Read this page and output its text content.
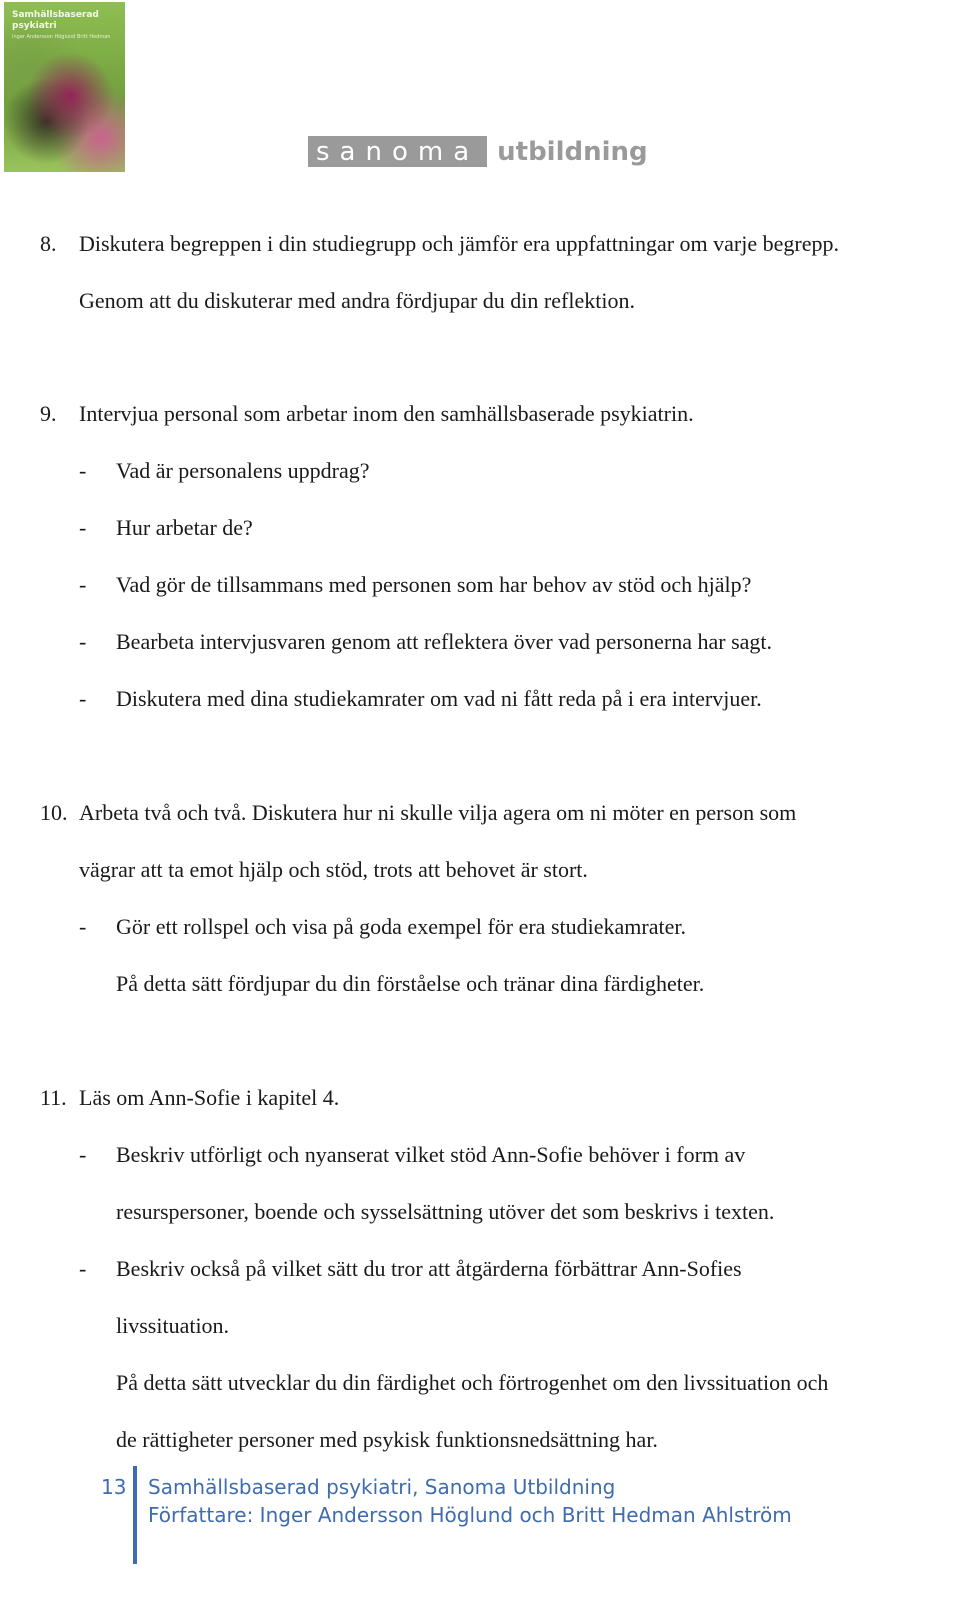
Samhällsbaserad
psykiatri
Inger Andersson Höglund Britt Hedman
sanoma utbildning
8. Diskutera begreppen i din studiegrupp och jämför era uppfattningar om varje begrepp.
Genom att du diskuterar med andra fördjupar du din reflektion.
9. Intervjua personal som arbetar inom den samhällsbaserade psykiatrin.
- Vad är personalens uppdrag?
- Hur arbetar de?
- Vad gör de tillsammans med personen som har behov av stöd och hjälp?
- Bearbeta intervjusvaren genom att reflektera över vad personerna har sagt.
- Diskutera med dina studiekamrater om vad ni fått reda på i era intervjuer.
10. Arbeta två och två. Diskutera hur ni skulle vilja agera om ni möter en person som
vägrar att ta emot hjälp och stöd, trots att behovet är stort.
- Gör ett rollspel och visa på goda exempel för era studiekamrater.
På detta sätt fördjupar du din förståelse och tränar dina färdigheter.
11. Läs om Ann-Sofie i kapitel 4.
- Beskriv utförligt och nyanserat vilket stöd Ann-Sofie behöver i form av
resurspersoner, boende och sysselsättning utöver det som beskrivs i texten.
- Beskriv också på vilket sätt du tror att åtgärderna förbättrar Ann-Sofies
livssituation.
På detta sätt utvecklar du din färdighet och förtrogenhet om den livssituation och
de rättigheter personer med psykisk funktionsnedsättning har.
13 Samhällsbaserad psykiatri, Sanoma Utbildning
Författare: Inger Andersson Höglund och Britt Hedman Ahlström
